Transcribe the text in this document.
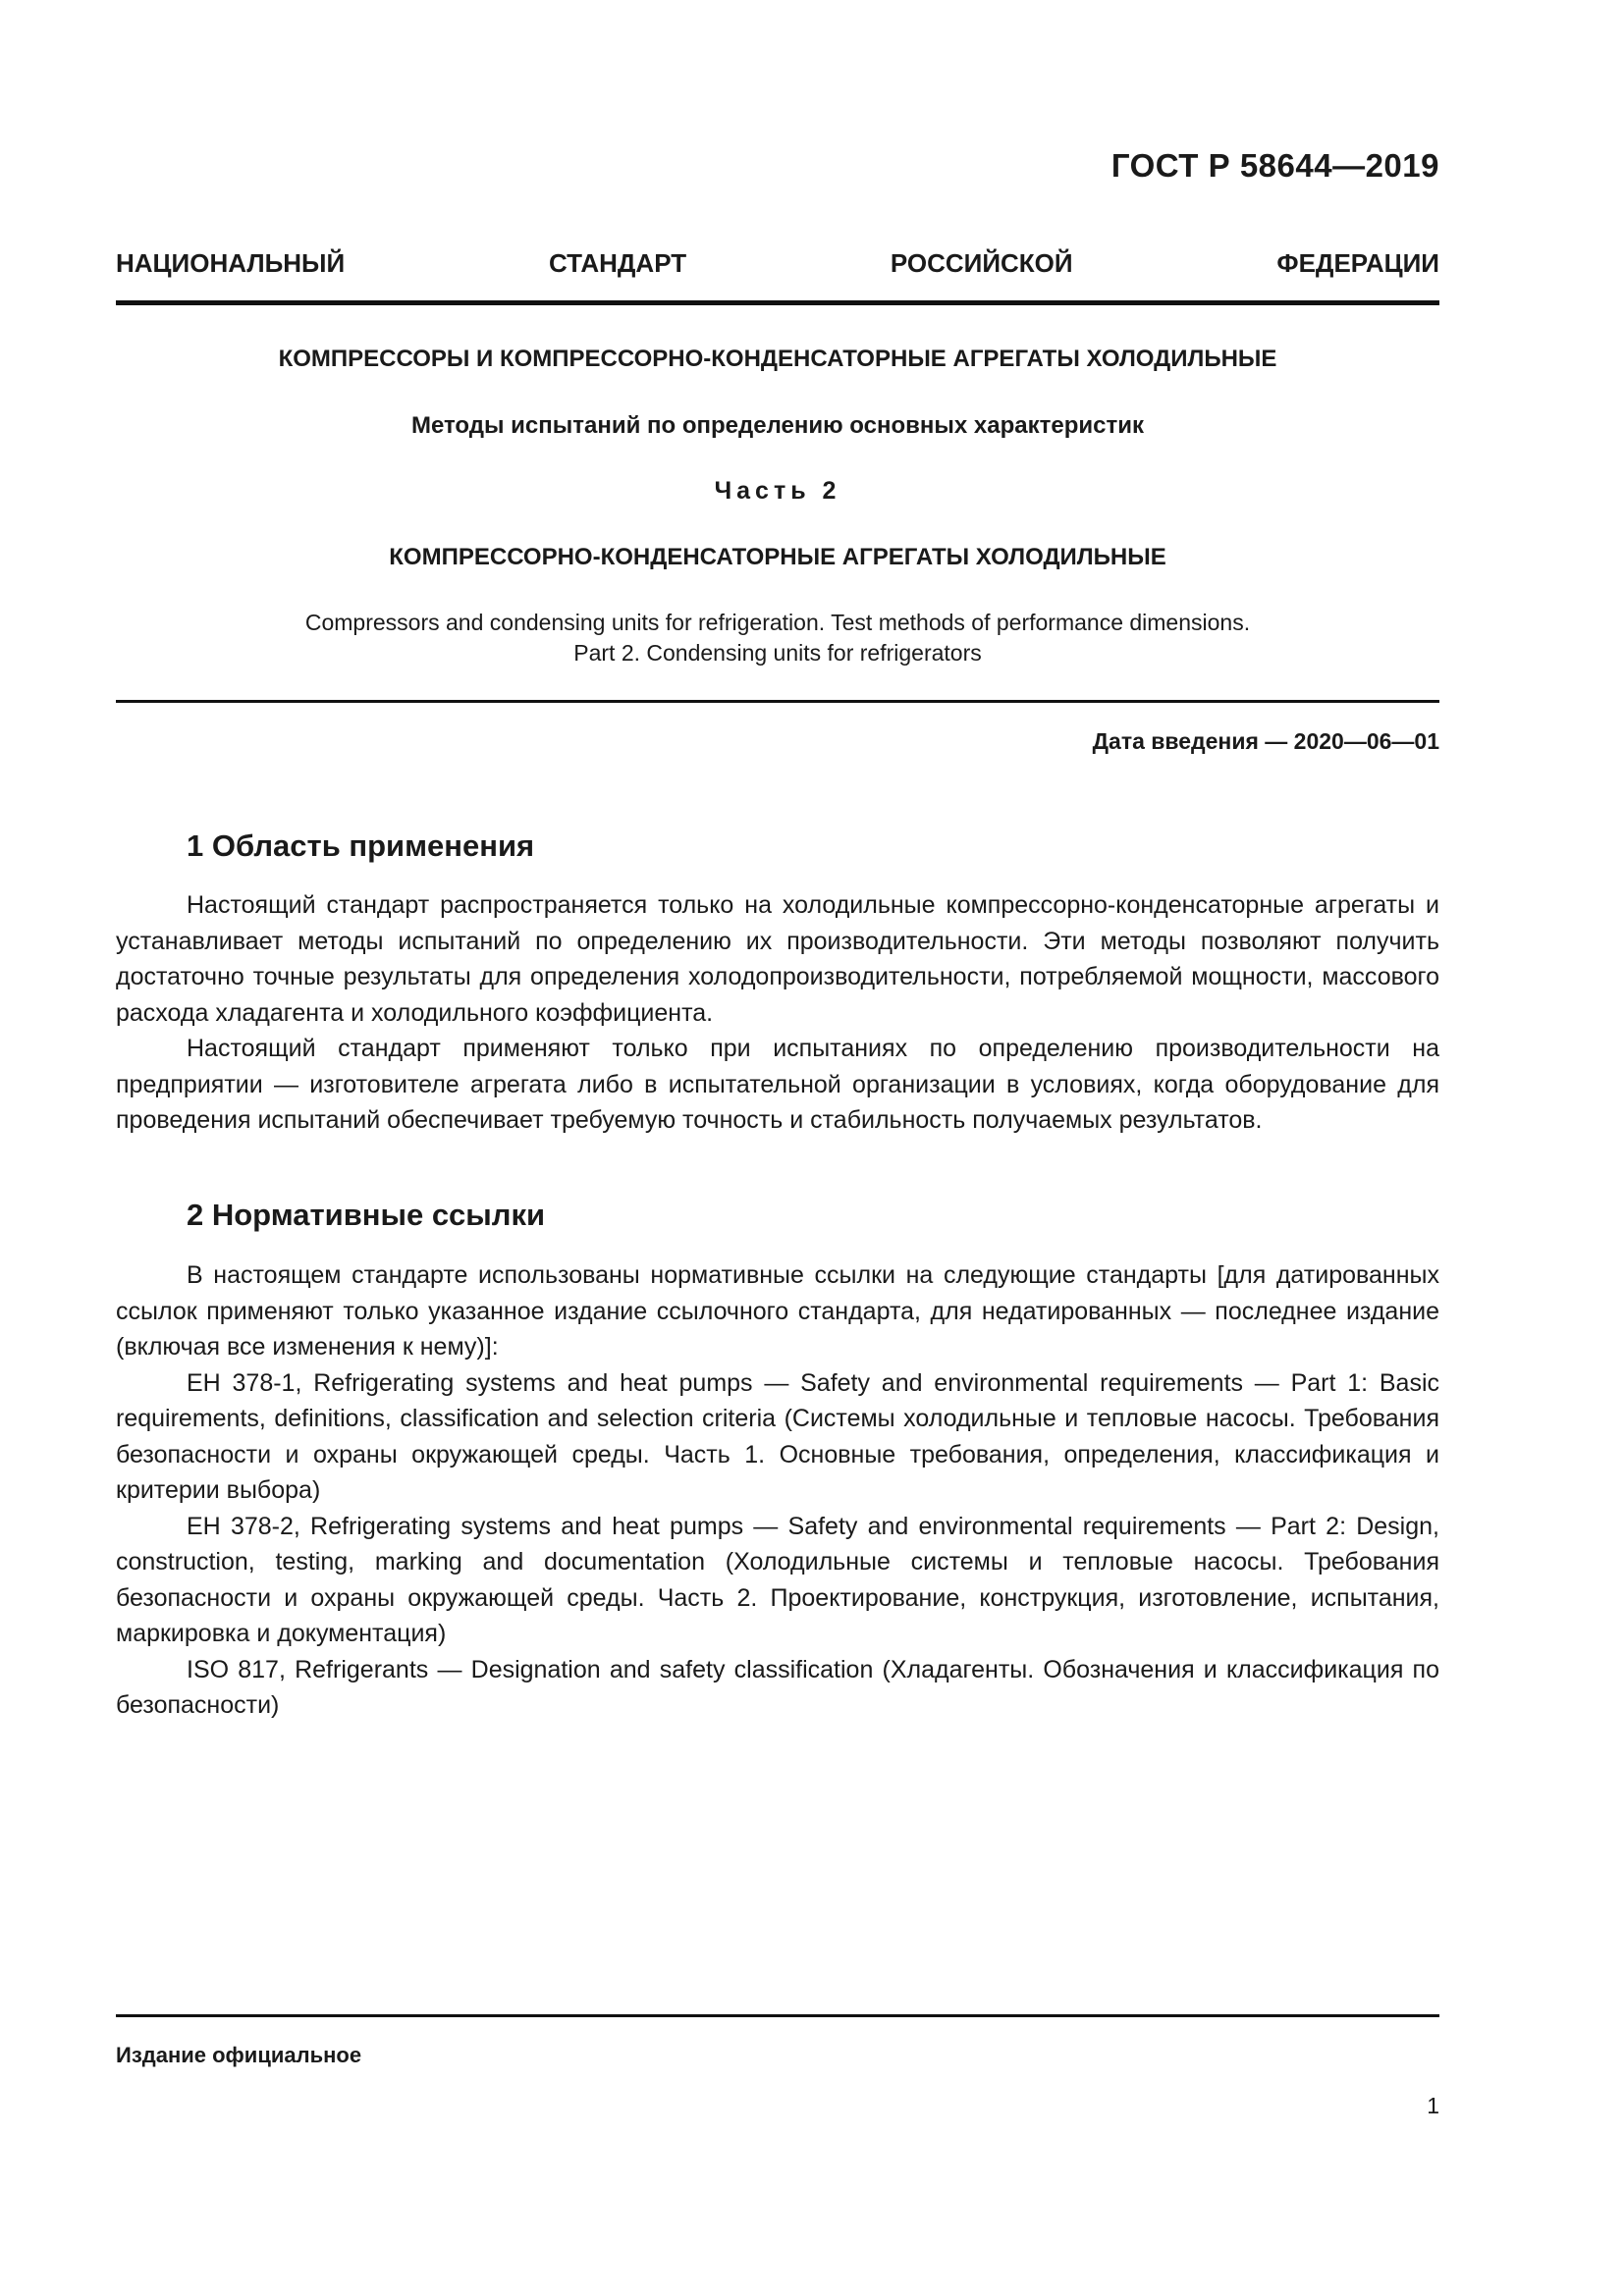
ГОСТ Р 58644—2019
НАЦИОНАЛЬНЫЙ СТАНДАРТ РОССИЙСКОЙ ФЕДЕРАЦИИ
КОМПРЕССОРЫ И КОМПРЕССОРНО-КОНДЕНСАТОРНЫЕ АГРЕГАТЫ ХОЛОДИЛЬНЫЕ
Методы испытаний по определению основных характеристик
Часть 2
КОМПРЕССОРНО-КОНДЕНСАТОРНЫЕ АГРЕГАТЫ ХОЛОДИЛЬНЫЕ
Compressors and condensing units for refrigeration. Test methods of performance dimensions.
Part 2. Condensing units for refrigerators
Дата введения — 2020—06—01
1 Область применения

Настоящий стандарт распространяется только на холодильные компрессорно-конденсаторные агрегаты и устанавливает методы испытаний по определению их производительности. Эти методы позволяют получить достаточно точные результаты для определения холодопроизводительности, потребляемой мощности, массового расхода хладагента и холодильного коэффициента.

Настоящий стандарт применяют только при испытаниях по определению производительности на предприятии — изготовителе агрегата либо в испытательной организации в условиях, когда оборудование для проведения испытаний обеспечивает требуемую точность и стабильность получаемых результатов.

2 Нормативные ссылки

В настоящем стандарте использованы нормативные ссылки на следующие стандарты [для датированных ссылок применяют только указанное издание ссылочного стандарта, для недатированных — последнее издание (включая все изменения к нему)]:

ЕН 378-1, Refrigerating systems and heat pumps — Safety and environmental requirements — Part 1: Basic requirements, definitions, classification and selection criteria (Системы холодильные и тепловые насосы. Требования безопасности и охраны окружающей среды. Часть 1. Основные требования, определения, классификация и критерии выбора)

ЕН 378-2, Refrigerating systems and heat pumps — Safety and environmental requirements — Part 2: Design, construction, testing, marking and documentation (Холодильные системы и тепловые насосы. Требования безопасности и охраны окружающей среды. Часть 2. Проектирование, конструкция, изготовление, испытания, маркировка и документация)

ISO 817, Refrigerants — Designation and safety classification (Хладагенты. Обозначения и классификация по безопасности)

Издание официальное
1
